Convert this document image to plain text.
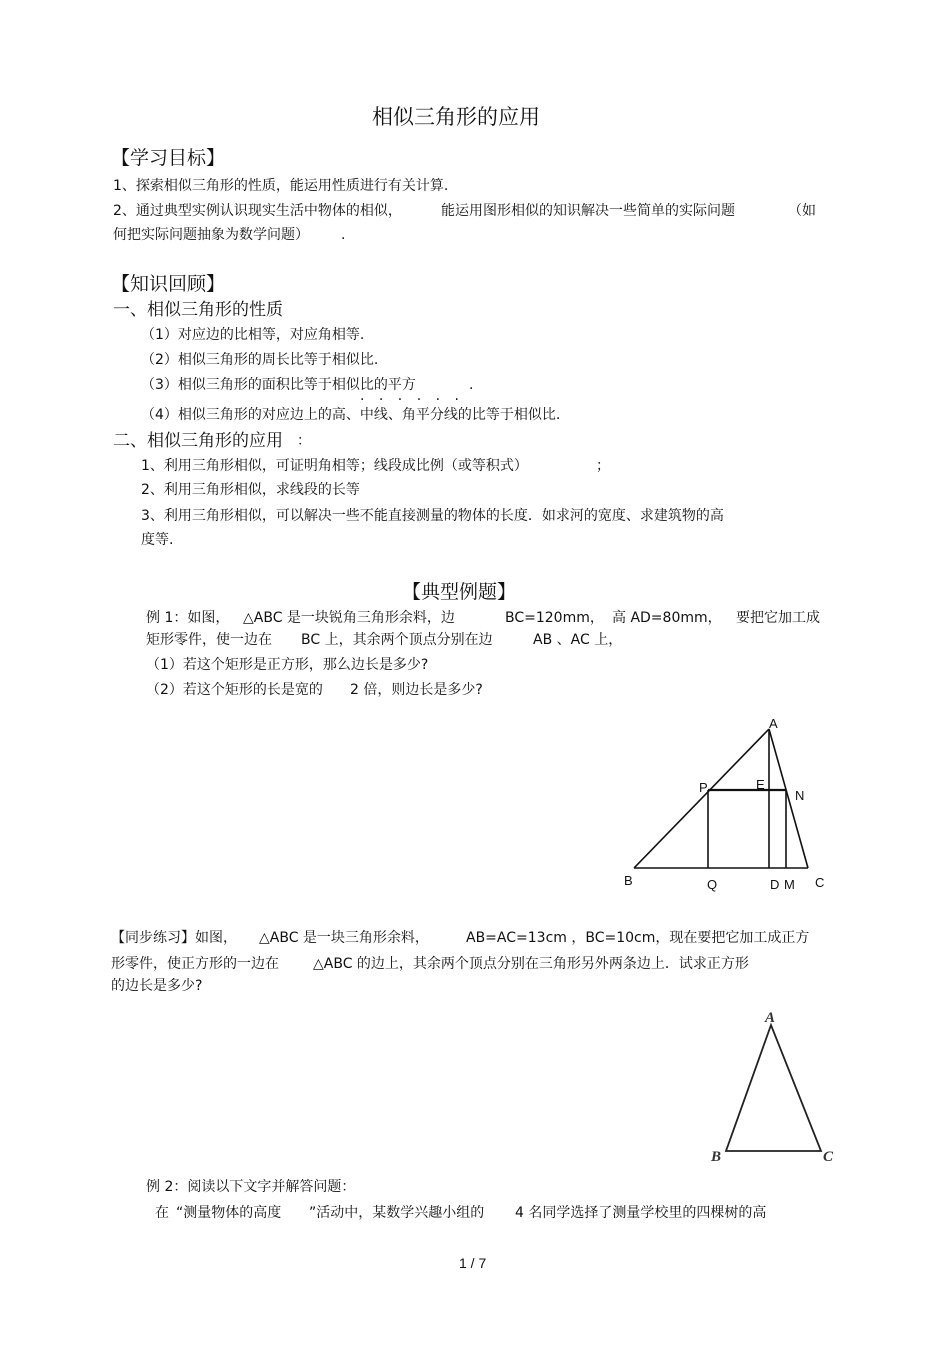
相似三角形的应用
【学习目标】
1、探索相似三角形的性质，能运用性质进行有关计算.
2、通过典型实例认识现实生活中物体的相似，	能运用图形相似的知识解决一些简单的实际问题	（如
何把实际问题抽象为数学问题） .
【知识回顾】
一、相似三角形的性质
（1）对应边的比相等，对应角相等.
（2）相似三角形的周长比等于相似比.
（3）相似三角形的面积比等于相似比的平方
. . . . . .
.
（4）相似三角形的对应边上的高、中线、角平分线的比等于相似比.
二、相似三角形的应用 ：
1、利用三角形相似，可证明角相等；线段成比例（或等积式）	；
2、利用三角形相似，求线段的长等
3、利用三角形相似，可以解决一些不能直接测量的物体的长度．如求河的宽度、求建筑物的高
度等.
【典型例题】
例 1：如图， △ABC 是一块锐角三角形余料，边	BC=120mm， 高 AD=80mm， 要把它加工成
矩形零件，使一边在 BC 上，其余两个顶点分别在边	AB 、AC 上，
（1）若这个矩形是正方形，那么边长是多少?
（2）若这个矩形的长是宽的 2 倍，则边长是多少?
A
P	E
N
B	Q	D M C
【同步练习】如图， △ABC 是一块三角形余料，	AB=AC=13cm ，BC=10cm，现在要把它加工成正方
形零件，使正方形的一边在 △ABC 的边上，其余两个顶点分别在三角形另外两条边上．试求正方形
的边长是多少?
A
B	C
例 2：阅读以下文字并解答问题：
在 “测量物体的高度 ”活动中，某数学兴趣小组的 4 名同学选择了测量学校里的四棵树的高
1 / 7
